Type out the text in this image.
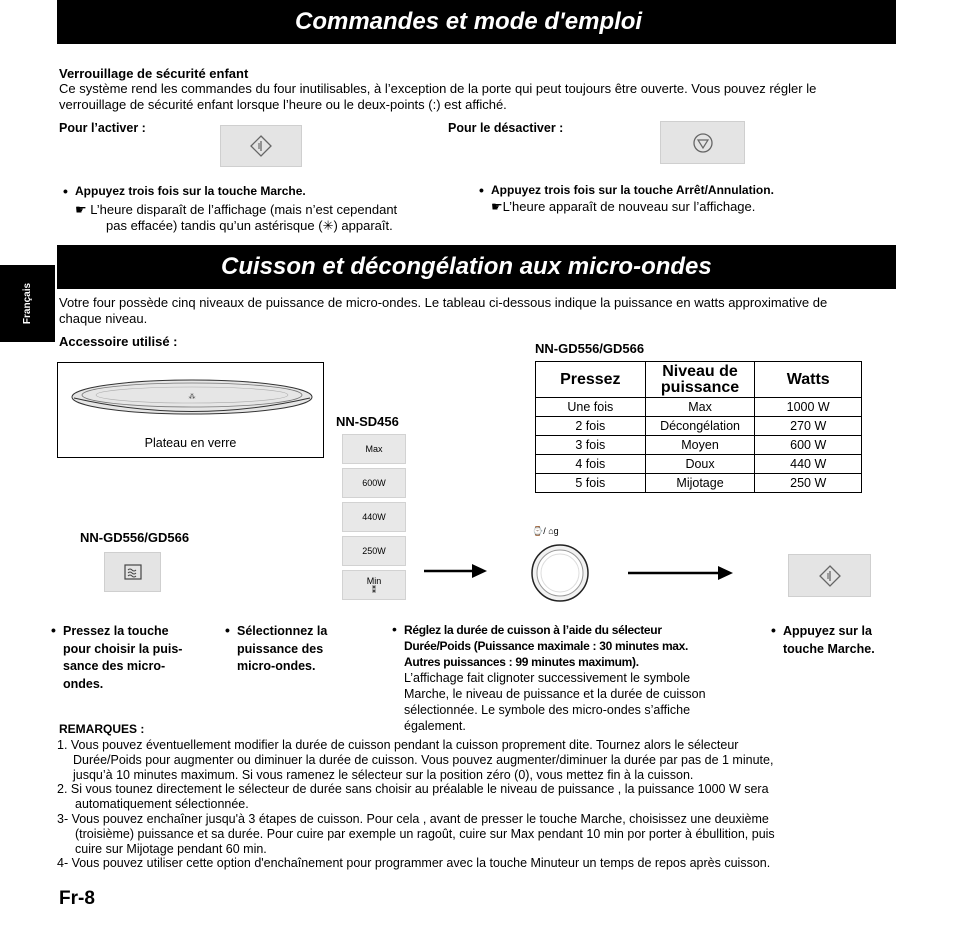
Commandes et mode d'emploi
Verrouillage de sécurité enfant
Ce système rend les commandes du four inutilisables, à l’exception de la porte qui peut toujours être ouverte. Vous pouvez régler le
verrouillage de sécurité enfant lorsque l’heure ou le deux-points (:) est affiché.
Pour l’activer :	Pour le désactiver :
• Appuyez trois fois sur la touche Marche.
☛ L’heure disparaît de l’affichage (mais n’est cependant
pas effacée) tandis qu’un astérisque (✳) apparaît.
• Appuyez trois fois sur la touche Arrêt/Annulation.
☛L’heure apparaît de nouveau sur l’affichage.
Français
Cuisson et décongélation aux micro-ondes
Votre four possède cinq niveaux de puissance de micro-ondes. Le tableau ci-dessous indique la puissance en watts approximative de
chaque niveau.
Accessoire utilisé :
⁂
Plateau en verre
NN-SD456
Max
600W
440W
250W
Min
⁑
NN-GD556/GD566
Pressez	Niveau de puissance	Watts
Une fois	Max	1000 W
2 fois	Décongélation	270 W
3 fois	Moyen	600 W
4 fois	Doux	440 W
5 fois	Mijotage	250 W
NN-GD556/GD566	⌚/ ⌂g
• Pressez la touche
pour choisir la puis-
sance des micro-
ondes.
• Sélectionnez la
puissance des
micro-ondes.
• Réglez la durée de cuisson à l’aide du sélecteur
Durée/Poids (Puissance maximale : 30 minutes max.
Autres puissances : 99 minutes maximum).
L’affichage fait clignoter successivement le symbole
Marche, le niveau de puissance et la durée de cuisson
sélectionnée. Le symbole des micro-ondes s’affiche
également.
• Appuyez sur la
touche Marche.
REMARQUES :
1. Vous pouvez éventuellement modifier la durée de cuisson pendant la cuisson proprement dite. Tournez alors le sélecteur
Durée/Poids pour augmenter ou diminuer la durée de cuisson. Vous pouvez augmenter/diminuer la durée par pas de 1 minute,
jusqu’à 10 minutes maximum. Si vous ramenez le sélecteur sur la position zéro (0), vous mettez fin à la cuisson.
2. Si vous tounez directement le sélecteur de durée sans choisir au préalable le niveau de puissance , la puissance 1000 W sera
automatiquement sélectionnée.
3- Vous pouvez enchaîner jusqu'à 3 étapes de cuisson. Pour cela , avant de presser le touche Marche, choisissez une deuxième
(troisième) puissance et sa durée. Pour cuire par exemple un ragoût, cuire sur Max pendant 10 min por porter à ébullition, puis
cuire sur Mijotage pendant 60 min.
4- Vous pouvez utiliser cette option d'enchaînement pour programmer avec la touche Minuteur un temps de repos après cuisson.
Fr-8
